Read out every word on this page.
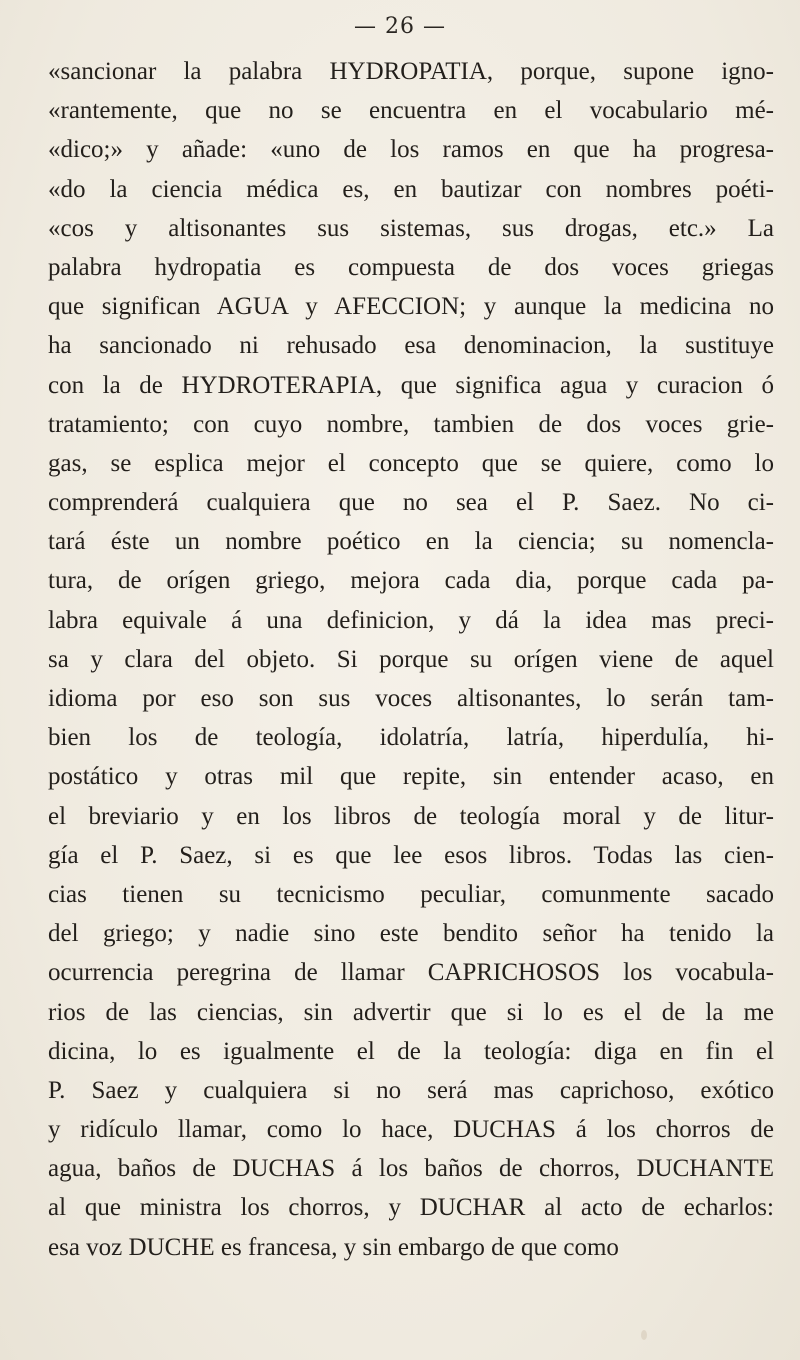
— 26 —
«sancionar la palabra HYDROPATIA, porque, supone igno-
«rantemente, que no se encuentra en el vocabulario mé-
«dico;» y añade: «uno de los ramos en que ha progresa-
«do la ciencia médica es, en bautizar con nombres poéti-
«cos y altisonantes sus sistemas, sus drogas, etc.» La
palabra hydropatia es compuesta de dos voces griegas
que significan AGUA y AFECCION; y aunque la medicina no
ha sancionado ni rehusado esa denominacion, la sustituye
con la de HYDROTERAPIA, que significa agua y curacion ó
tratamiento; con cuyo nombre, tambien de dos voces grie-
gas, se esplica mejor el concepto que se quiere, como lo
comprenderá cualquiera que no sea el P. Saez. No ci-
tará éste un nombre poético en la ciencia; su nomencla-
tura, de orígen griego, mejora cada dia, porque cada pa-
labra equivale á una definicion, y dá la idea mas preci-
sa y clara del objeto. Si porque su orígen viene de aquel
idioma por eso son sus voces altisonantes, lo serán tam-
bien los de teología, idolatría, latría, hiperdulía, hi-
postático y otras mil que repite, sin entender acaso, en
el breviario y en los libros de teología moral y de litur-
gía el P. Saez, si es que lee esos libros. Todas las cien-
cias tienen su tecnicismo peculiar, comunmente sacado
del griego; y nadie sino este bendito señor ha tenido la
ocurrencia peregrina de llamar CAPRICHOSOS los vocabula-
rios de las ciencias, sin advertir que si lo es el de la me
dicina, lo es igualmente el de la teología: diga en fin el
P. Saez y cualquiera si no será mas caprichoso, exótico
y ridículo llamar, como lo hace, DUCHAS á los chorros de
agua, baños de DUCHAS á los baños de chorros, DUCHANTE
al que ministra los chorros, y DUCHAR al acto de echarlos:
esa voz DUCHE es francesa, y sin embargo de que como
